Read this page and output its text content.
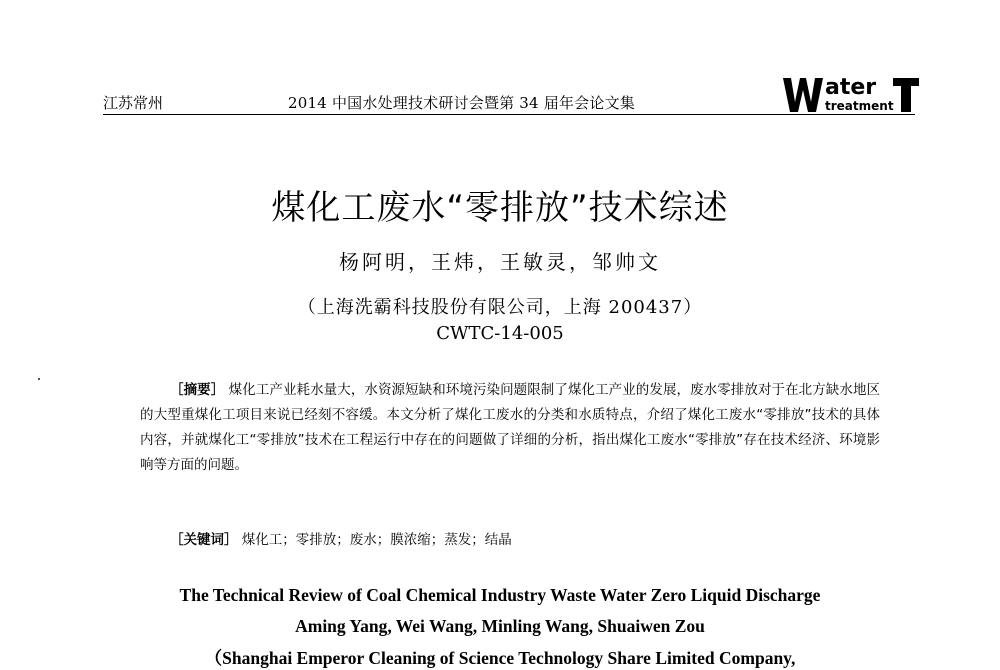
江苏常州	2014 中国水处理技术研讨会暨第 34 届年会论文集
ater
treatment
煤化工废水“零排放”技术综述
杨阿明，王炜，王敏灵，邹帅文
（上海洗霸科技股份有限公司，上海 200437）
CWTC-14-005
［摘要］ 煤化工产业耗水量大，水资源短缺和环境污染问题限制了煤化工产业的发展，废水零排放对于在北方缺水地区的大型重煤化工项目来说已经刻不容缓。本文分析了煤化工废水的分类和水质特点，介绍了煤化工废水“零排放”技术的具体内容，并就煤化工“零排放”技术在工程运行中存在的问题做了详细的分析，指出煤化工废水“零排放”存在技术经济、环境影响等方面的问题。
［关键词］ 煤化工；零排放；废水；膜浓缩；蒸发；结晶
The Technical Review of Coal Chemical Industry Waste Water Zero Liquid Discharge
Aming Yang, Wei Wang, Minling Wang, Shuaiwen Zou
（Shanghai Emperor Cleaning of Science Technology Share Limited Company,
